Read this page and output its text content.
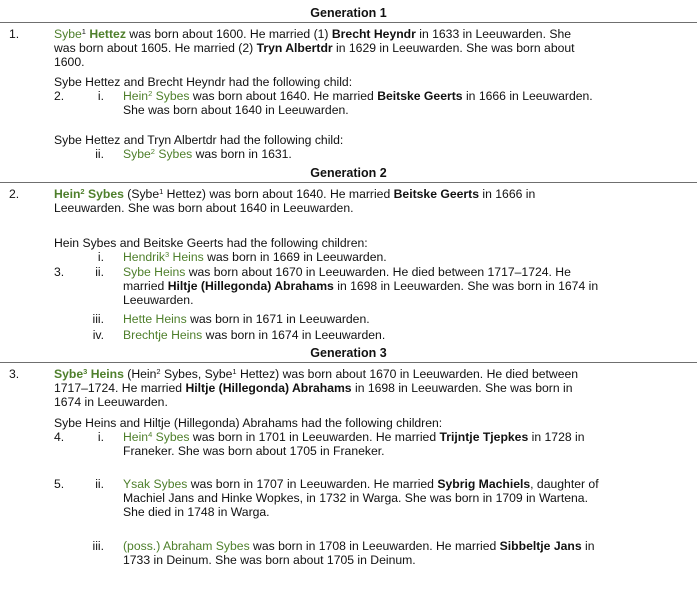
Generation 1
1.	Sybe$^1$ Hettez was born about 1600. He married (1) Brecht Heyndr in 1633 in Leeuwarden. She
was born about 1605. He married (2) Tryn Albertdr in 1629 in Leeuwarden. She was born about
1600.
Sybe Hettez and Brecht Heyndr had the following child:
2.	i. Hein$^2$ Sybes was born about 1640. He married Beitske Geerts in 1666 in Leeuwarden.
She was born about 1640 in Leeuwarden.
Sybe Hettez and Tryn Albertdr had the following child:
ii. Sybe$^2$ Sybes was born in 1631.
Generation 2
2.	Hein$^2$ Sybes (Sybe$^1$ Hettez) was born about 1640. He married Beitske Geerts in 1666 in
Leeuwarden. She was born about 1640 in Leeuwarden.
Hein Sybes and Beitske Geerts had the following children:
i. Hendrik$^3$ Heins was born in 1669 in Leeuwarden.
3.	ii. Sybe Heins was born about 1670 in Leeuwarden. He died between 1717–1724. He
married Hiltje (Hillegonda) Abrahams in 1698 in Leeuwarden. She was born in 1674 in
Leeuwarden.
iii. Hette Heins was born in 1671 in Leeuwarden.
iv. Brechtje Heins was born in 1674 in Leeuwarden.
Generation 3
3.	Sybe$^3$ Heins (Hein$^2$ Sybes, Sybe$^1$ Hettez) was born about 1670 in Leeuwarden. He died between
1717–1724. He married Hiltje (Hillegonda) Abrahams in 1698 in Leeuwarden. She was born in
1674 in Leeuwarden.
Sybe Heins and Hiltje (Hillegonda) Abrahams had the following children:
4.	i. Hein$^4$ Sybes was born in 1701 in Leeuwarden. He married Trijntje Tjepkes in 1728 in
Franeker. She was born about 1705 in Franeker.
5.	ii. Ysak Sybes was born in 1707 in Leeuwarden. He married Sybrig Machiels, daughter of
Machiel Jans and Hinke Wopkes, in 1732 in Warga. She was born in 1709 in Wartena.
She died in 1748 in Warga.
iii. (poss.) Abraham Sybes was born in 1708 in Leeuwarden. He married Sibbeltje Jans in
1733 in Deinum. She was born about 1705 in Deinum.
